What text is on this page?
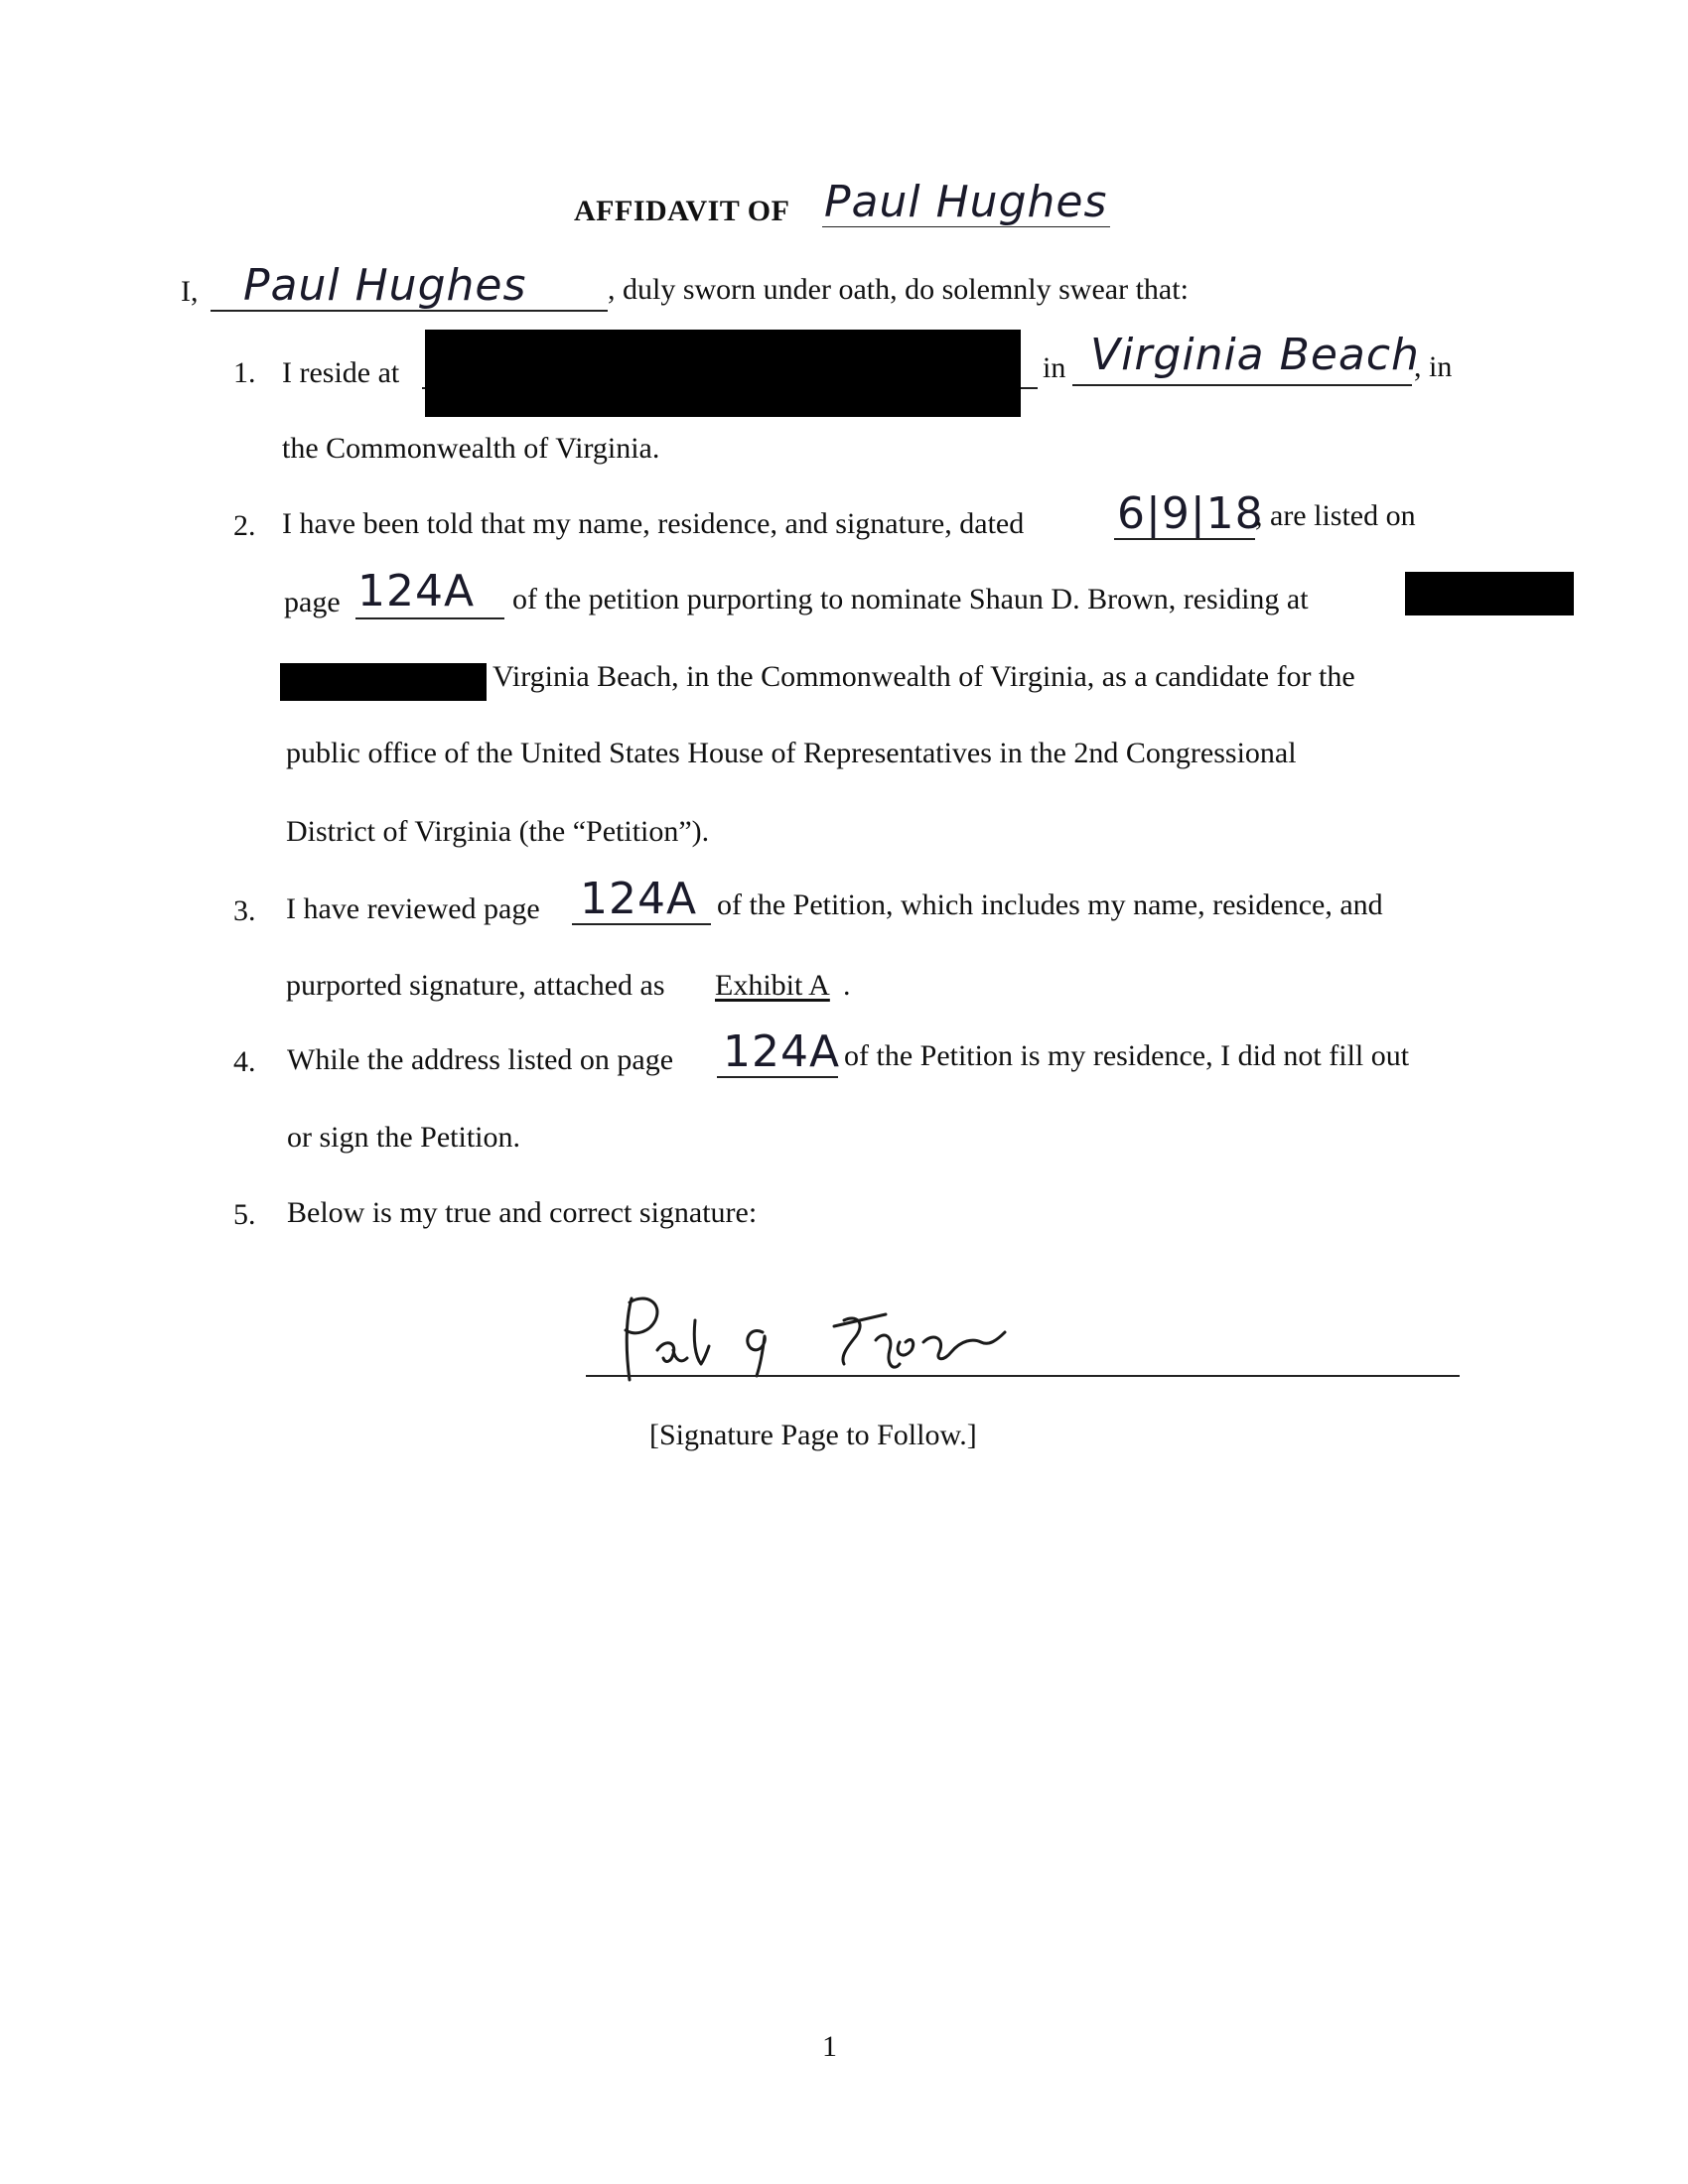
AFFIDAVIT OF Paul Hughes
I, Paul Hughes	, duly sworn under oath, do solemnly swear that:
1. I reside at	in Virginia Beach
, in
the Commonwealth of Virginia.
2. I have been told that my name, residence, and signature, dated 6|9|18
, are listed on
page 124A of the petition purporting to nominate Shaun D. Brown, residing at
Virginia Beach, in the Commonwealth of Virginia, as a candidate for the
public office of the United States House of Representatives in the 2nd Congressional
District of Virginia (the “Petition”).
3. I have reviewed page 124A of the Petition, which includes my name, residence, and
purported signature, attached as Exhibit A .
4. While the address listed on page 124A of the Petition is my residence, I did not fill out
or sign the Petition.
5. Below is my true and correct signature:
[Signature Page to Follow.]
1
